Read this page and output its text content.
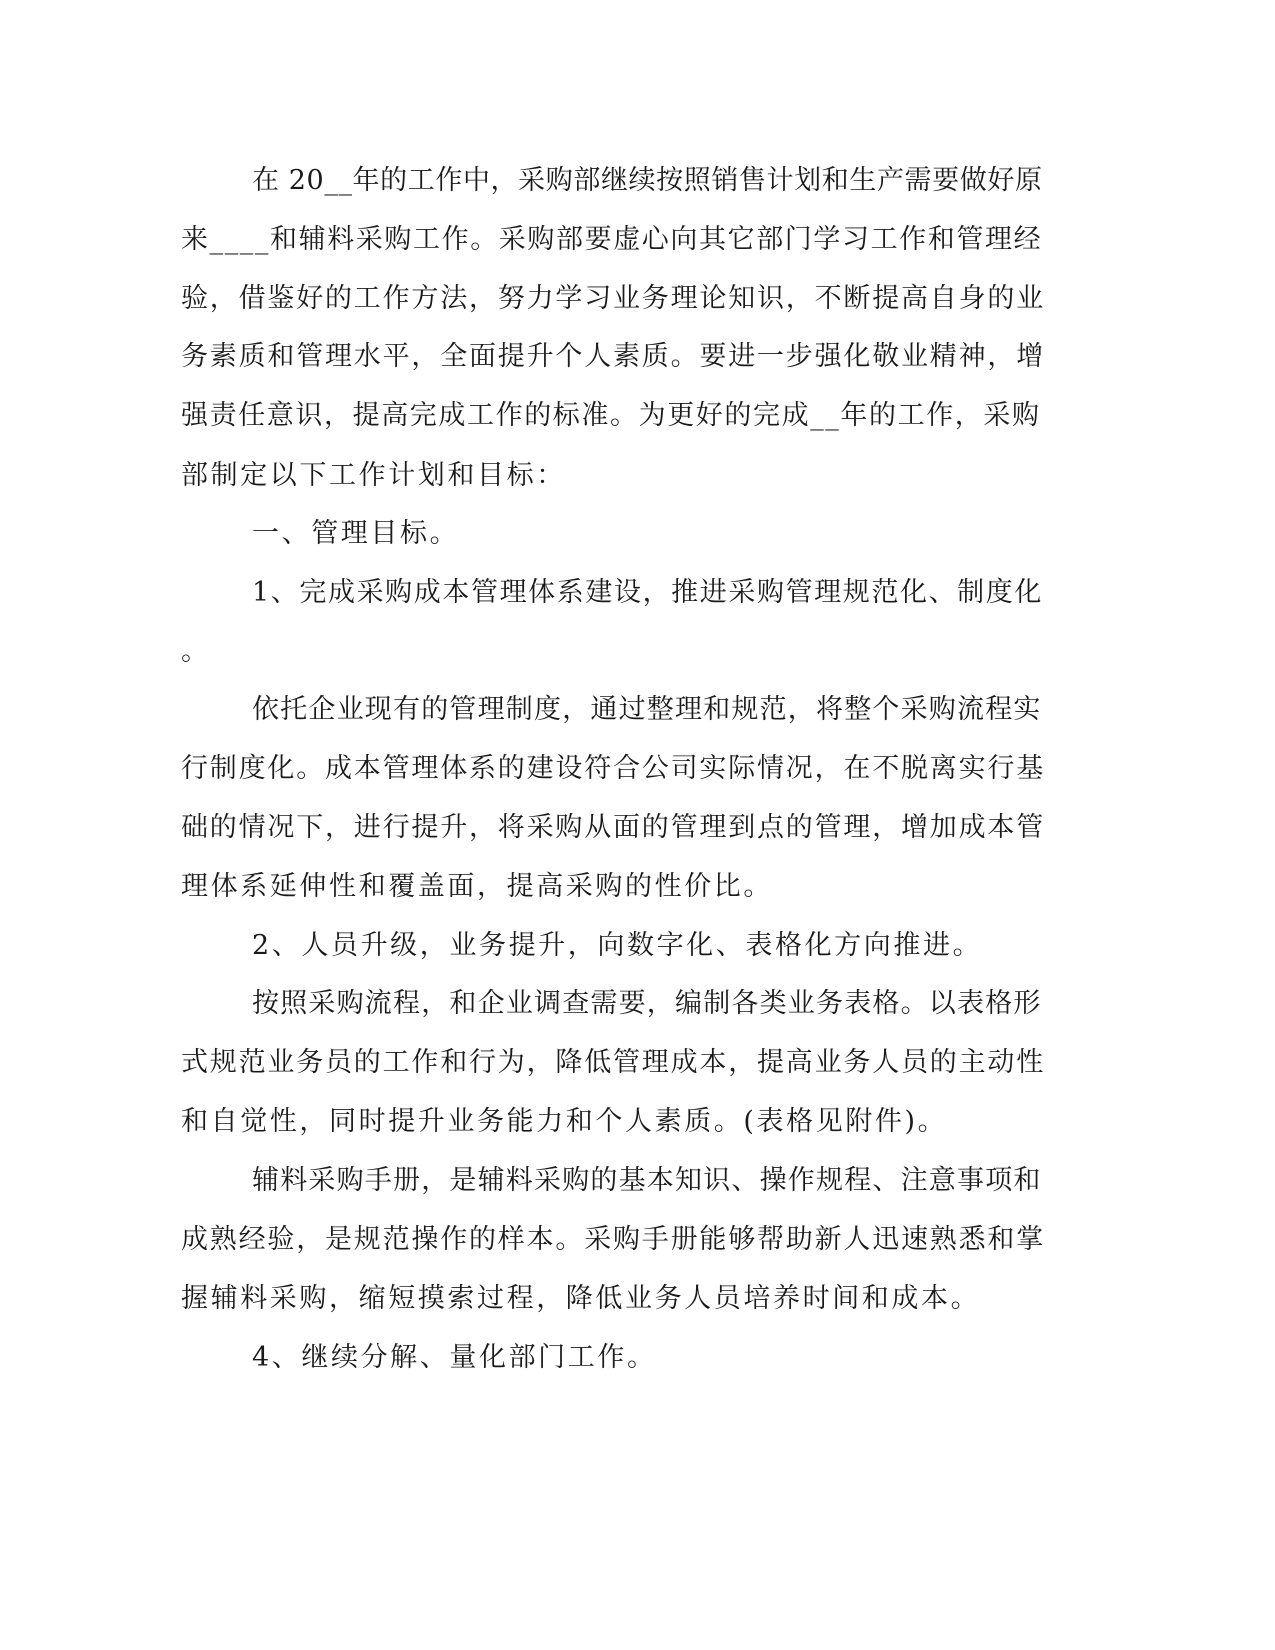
在 20__年的工作中，采购部继续按照销售计划和生产需要做好原
来____和辅料采购工作。采购部要虚心向其它部门学习工作和管理经
验，借鉴好的工作方法，努力学习业务理论知识，不断提高自身的业
务素质和管理水平，全面提升个人素质。要进一步强化敬业精神，增
强责任意识，提高完成工作的标准。为更好的完成__年的工作，采购
部制定以下工作计划和目标：
一、管理目标。
1、完成采购成本管理体系建设，推进采购管理规范化、制度化
。
依托企业现有的管理制度，通过整理和规范，将整个采购流程实
行制度化。成本管理体系的建设符合公司实际情况，在不脱离实行基
础的情况下，进行提升，将采购从面的管理到点的管理，增加成本管
理体系延伸性和覆盖面，提高采购的性价比。
2、人员升级，业务提升，向数字化、表格化方向推进。
按照采购流程，和企业调查需要，编制各类业务表格。以表格形
式规范业务员的工作和行为，降低管理成本，提高业务人员的主动性
和自觉性，同时提升业务能力和个人素质。(表格见附件)。
辅料采购手册，是辅料采购的基本知识、操作规程、注意事项和
成熟经验，是规范操作的样本。采购手册能够帮助新人迅速熟悉和掌
握辅料采购，缩短摸索过程，降低业务人员培养时间和成本。
4、继续分解、量化部门工作。
